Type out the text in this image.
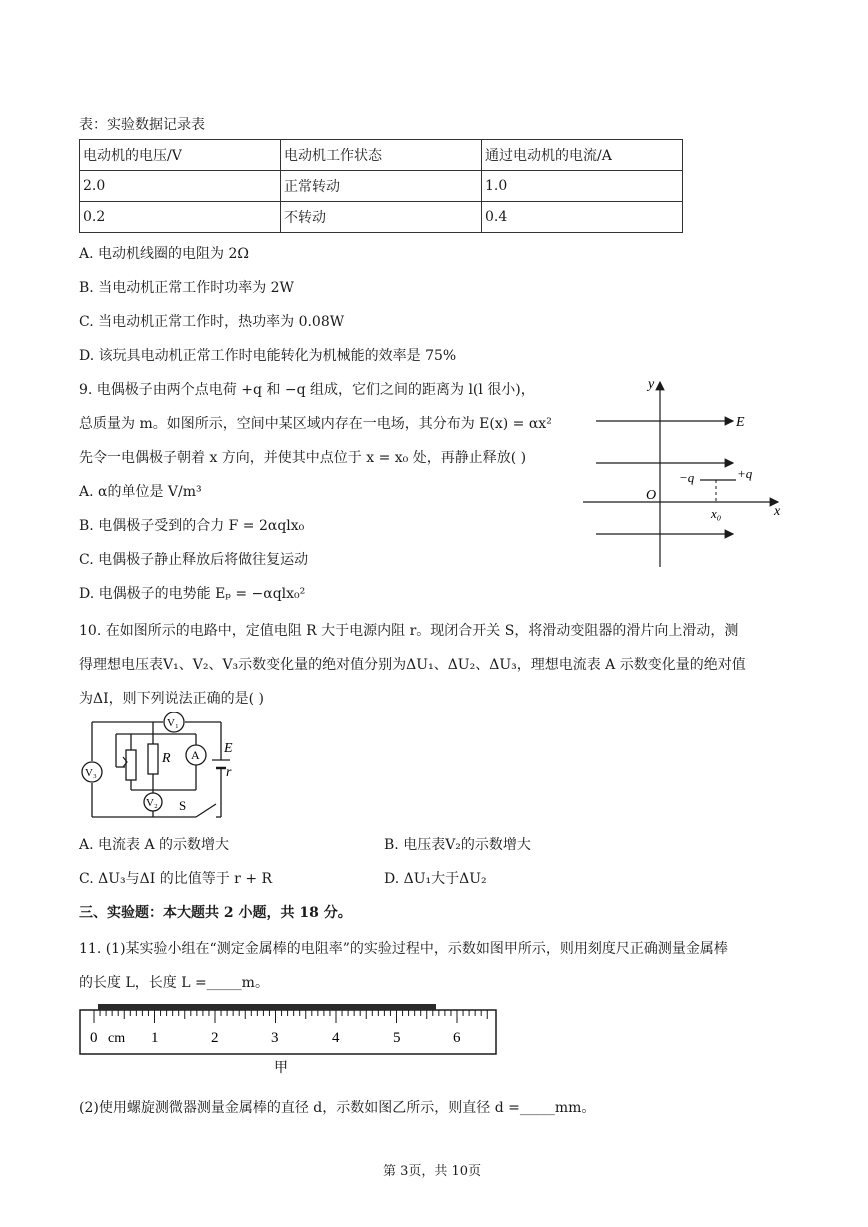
表：实验数据记录表
电动机的电压/V	电动机工作状态	通过电动机的电流/A
2.0	正常转动	1.0
0.2	不转动	0.4
A. 电动机线圈的电阻为 2Ω
B. 当电动机正常工作时功率为 2W
C. 当电动机正常工作时，热功率为 0.08W
D. 该玩具电动机正常工作时电能转化为机械能的效率是 75%
9. 电偶极子由两个点电荷 +q 和 −q 组成，它们之间的距离为 l(l 很小)，
总质量为 m。如图所示，空间中某区域内存在一电场，其分布为 E(x) = αx²
先令一电偶极子朝着 x 方向，并使其中点位于 x = x₀ 处，再静止释放( )
A. α的单位是 V/m³
B. 电偶极子受到的合力 F = 2αqlx₀
C. 电偶极子静止释放后将做往复运动
D. 电偶极子的电势能 Eₚ = −αqlx₀²
y
x
O
E
−q	+q
x₀
10. 在如图所示的电路中，定值电阻 R 大于电源内阻 r。现闭合开关 S，将滑动变阻器的滑片向上滑动，测
得理想电压表V₁、V₂、V₃示数变化量的绝对值分别为ΔU₁、ΔU₂、ΔU₃，理想电流表 A 示数变化量的绝对值
为ΔI，则下列说法正确的是( )
V₁
V₃
A
V₂
R
E
r
S
A. 电流表 A 的示数增大	B. 电压表V₂的示数增大
C. ΔU₃与ΔI 的比值等于 r + R	D. ΔU₁大于ΔU₂
三、实验题：本大题共 2 小题，共 18 分。
11. (1)某实验小组在“测定金属棒的电阻率”的实验过程中，示数如图甲所示，则用刻度尺正确测量金属棒
的长度 L，长度 L =_____m。
0 cm 1	2	3	4	5	6
甲
(2)使用螺旋测微器测量金属棒的直径 d，示数如图乙所示，则直径 d =_____mm。
第 3页，共 10页
